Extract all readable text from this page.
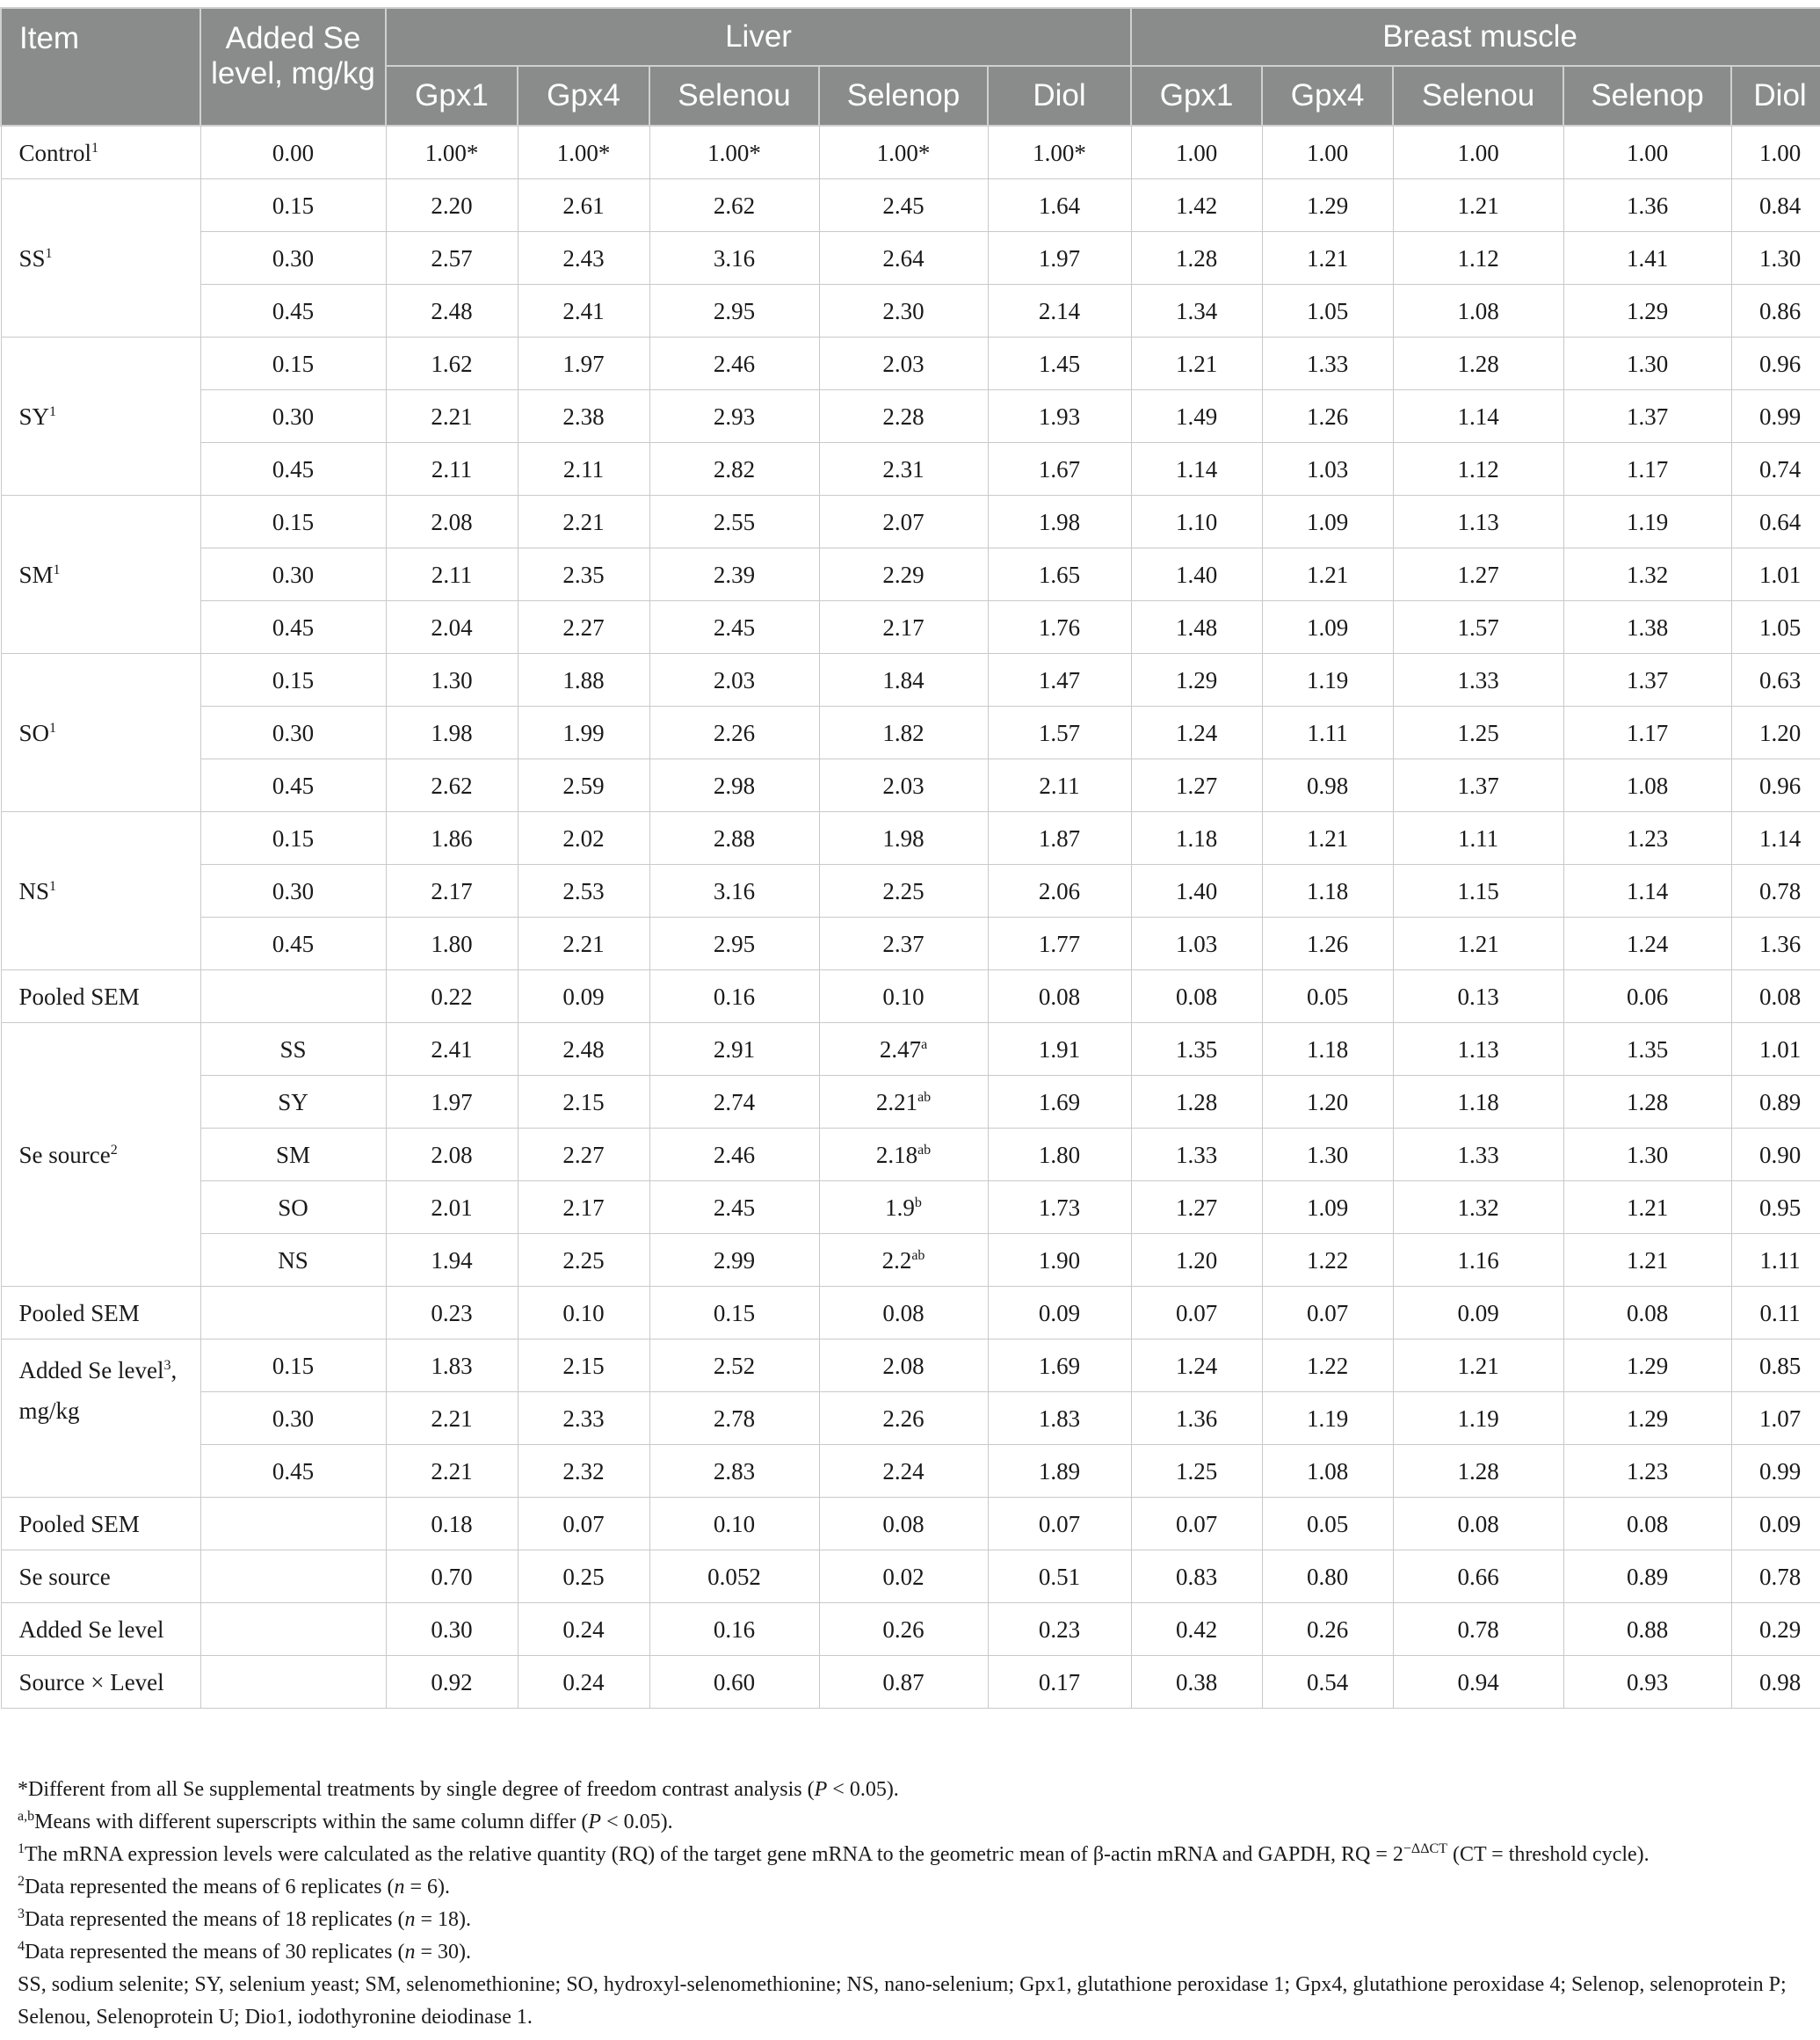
Item	Added Se level, mg/kg	Liver					Breast muscle				
		Gpx1	Gpx4	Selenou	Selenop	Diol	Gpx1	Gpx4	Selenou	Selenop	Diol
Control$^1$	0.00	1.00*	1.00*	1.00*	1.00*	1.00*	1.00	1.00	1.00	1.00	1.00
$SS^1$	0.15	2.20	2.61	2.62	2.45	1.64	1.42	1.29	1.21	1.36	0.84
	0.30	2.57	2.43	3.16	2.64	1.97	1.28	1.21	1.12	1.41	1.30
	0.45	2.48	2.41	2.95	2.30	2.14	1.34	1.05	1.08	1.29	0.86
$SY^1$	0.15	1.62	1.97	2.46	2.03	1.45	1.21	1.33	1.28	1.30	0.96
	0.30	2.21	2.38	2.93	2.28	1.93	1.49	1.26	1.14	1.37	0.99
	0.45	2.11	2.11	2.82	2.31	1.67	1.14	1.03	1.12	1.17	0.74
$SM^1$	0.15	2.08	2.21	2.55	2.07	1.98	1.10	1.09	1.13	1.19	0.64
	0.30	2.11	2.35	2.39	2.29	1.65	1.40	1.21	1.27	1.32	1.01
	0.45	2.04	2.27	2.45	2.17	1.76	1.48	1.09	1.57	1.38	1.05
$SO^1$	0.15	1.30	1.88	2.03	1.84	1.47	1.29	1.19	1.33	1.37	0.63
	0.30	1.98	1.99	2.26	1.82	1.57	1.24	1.11	1.25	1.17	1.20
	0.45	2.62	2.59	2.98	2.03	2.11	1.27	0.98	1.37	1.08	0.96
$NS^1$	0.15	1.86	2.02	2.88	1.98	1.87	1.18	1.21	1.11	1.23	1.14
	0.30	2.17	2.53	3.16	2.25	2.06	1.40	1.18	1.15	1.14	0.78
	0.45	1.80	2.21	2.95	2.37	1.77	1.03	1.26	1.21	1.24	1.36
Pooled SEM		0.22	0.09	0.16	0.10	0.08	0.08	0.05	0.13	0.06	0.08
Se source$^2$	SS	2.41	2.48	2.91	2.47$^a$	1.91	1.35	1.18	1.13	1.35	1.01
	SY	1.97	2.15	2.74	2.21$^{ab}$	1.69	1.28	1.20	1.18	1.28	0.89
	SM	2.08	2.27	2.46	2.18$^{ab}$	1.80	1.33	1.30	1.33	1.30	0.90
	SO	2.01	2.17	2.45	1.9$^b$	1.73	1.27	1.09	1.32	1.21	0.95
	NS	1.94	2.25	2.99	2.2$^{ab}$	1.90	1.20	1.22	1.16	1.21	1.11
Pooled SEM		0.23	0.10	0.15	0.08	0.09	0.07	0.07	0.09	0.08	0.11
Added Se level$^3$, mg/kg	0.15	1.83	2.15	2.52	2.08	1.69	1.24	1.22	1.21	1.29	0.85
	0.30	2.21	2.33	2.78	2.26	1.83	1.36	1.19	1.19	1.29	1.07
	0.45	2.21	2.32	2.83	2.24	1.89	1.25	1.08	1.28	1.23	0.99
Pooled SEM		0.18	0.07	0.10	0.08	0.07	0.07	0.05	0.08	0.08	0.09
Se source		0.70	0.25	0.052	0.02	0.51	0.83	0.80	0.66	0.89	0.78
Added Se level		0.30	0.24	0.16	0.26	0.23	0.42	0.26	0.78	0.88	0.29
Source × Level		0.92	0.24	0.60	0.87	0.17	0.38	0.54	0.94	0.93	0.98

*Different from all Se supplemental treatments by single degree of freedom contrast analysis (P < 0.05).

$^{a,b}$Means with different superscripts within the same column differ (P < 0.05).

$^1$The mRNA expression levels were calculated as the relative quantity (RQ) of the target gene mRNA to the geometric mean of β-actin mRNA and GAPDH, RQ = $2^{-\Delta\Delta CT}$ (CT = threshold cycle).

$^2$Data represented the means of 6 replicates (n = 6).

$^3$Data represented the means of 18 replicates (n = 18).

$^4$Data represented the means of 30 replicates (n = 30).

SS, sodium selenite; SY, selenium yeast; SM, selenomethionine; SO, hydroxyl-selenomethionine; NS, nano-selenium; Gpx1, glutathione peroxidase 1; Gpx4, glutathione peroxidase 4; Selenop, selenoprotein P; Selenou, Selenoprotein U; Dio1, iodothyronine deiodinase 1.
